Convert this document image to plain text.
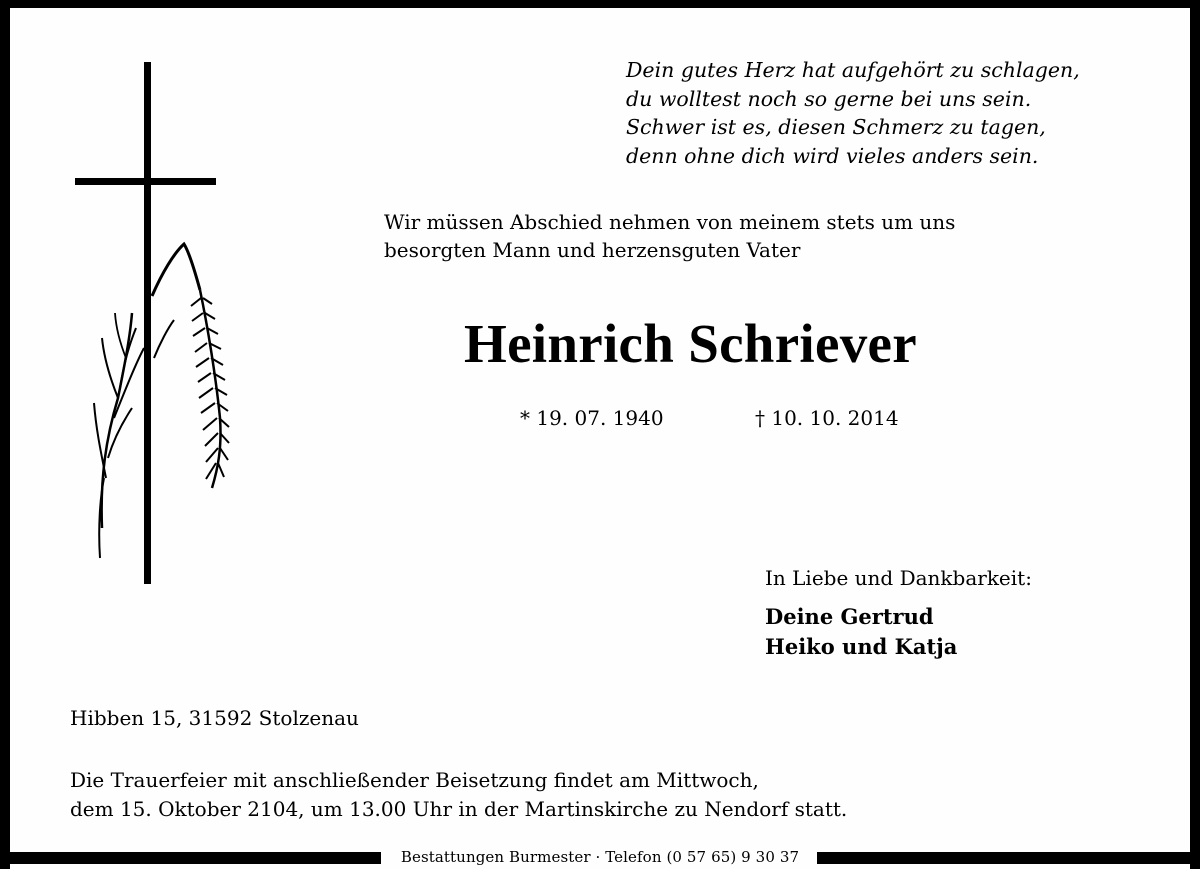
Dein gutes Herz hat aufgehört zu schlagen,
du wolltest noch so gerne bei uns sein.
Schwer ist es, diesen Schmerz zu tagen,
denn ohne dich wird vieles anders sein.
Wir müssen Abschied nehmen von meinem stets um uns
besorgten Mann und herzensguten Vater
Heinrich Schriever
* 19. 07. 1940	† 10. 10. 2014
In Liebe und Dankbarkeit:
Deine Gertrud
Heiko und Katja
Hibben 15, 31592 Stolzenau
Die Trauerfeier mit anschließender Beisetzung findet am Mittwoch,
dem 15. Oktober 2104, um 13.00 Uhr in der Martinskirche zu Nendorf statt.
Bestattungen Burmester · Telefon (0 57 65) 9 30 37
